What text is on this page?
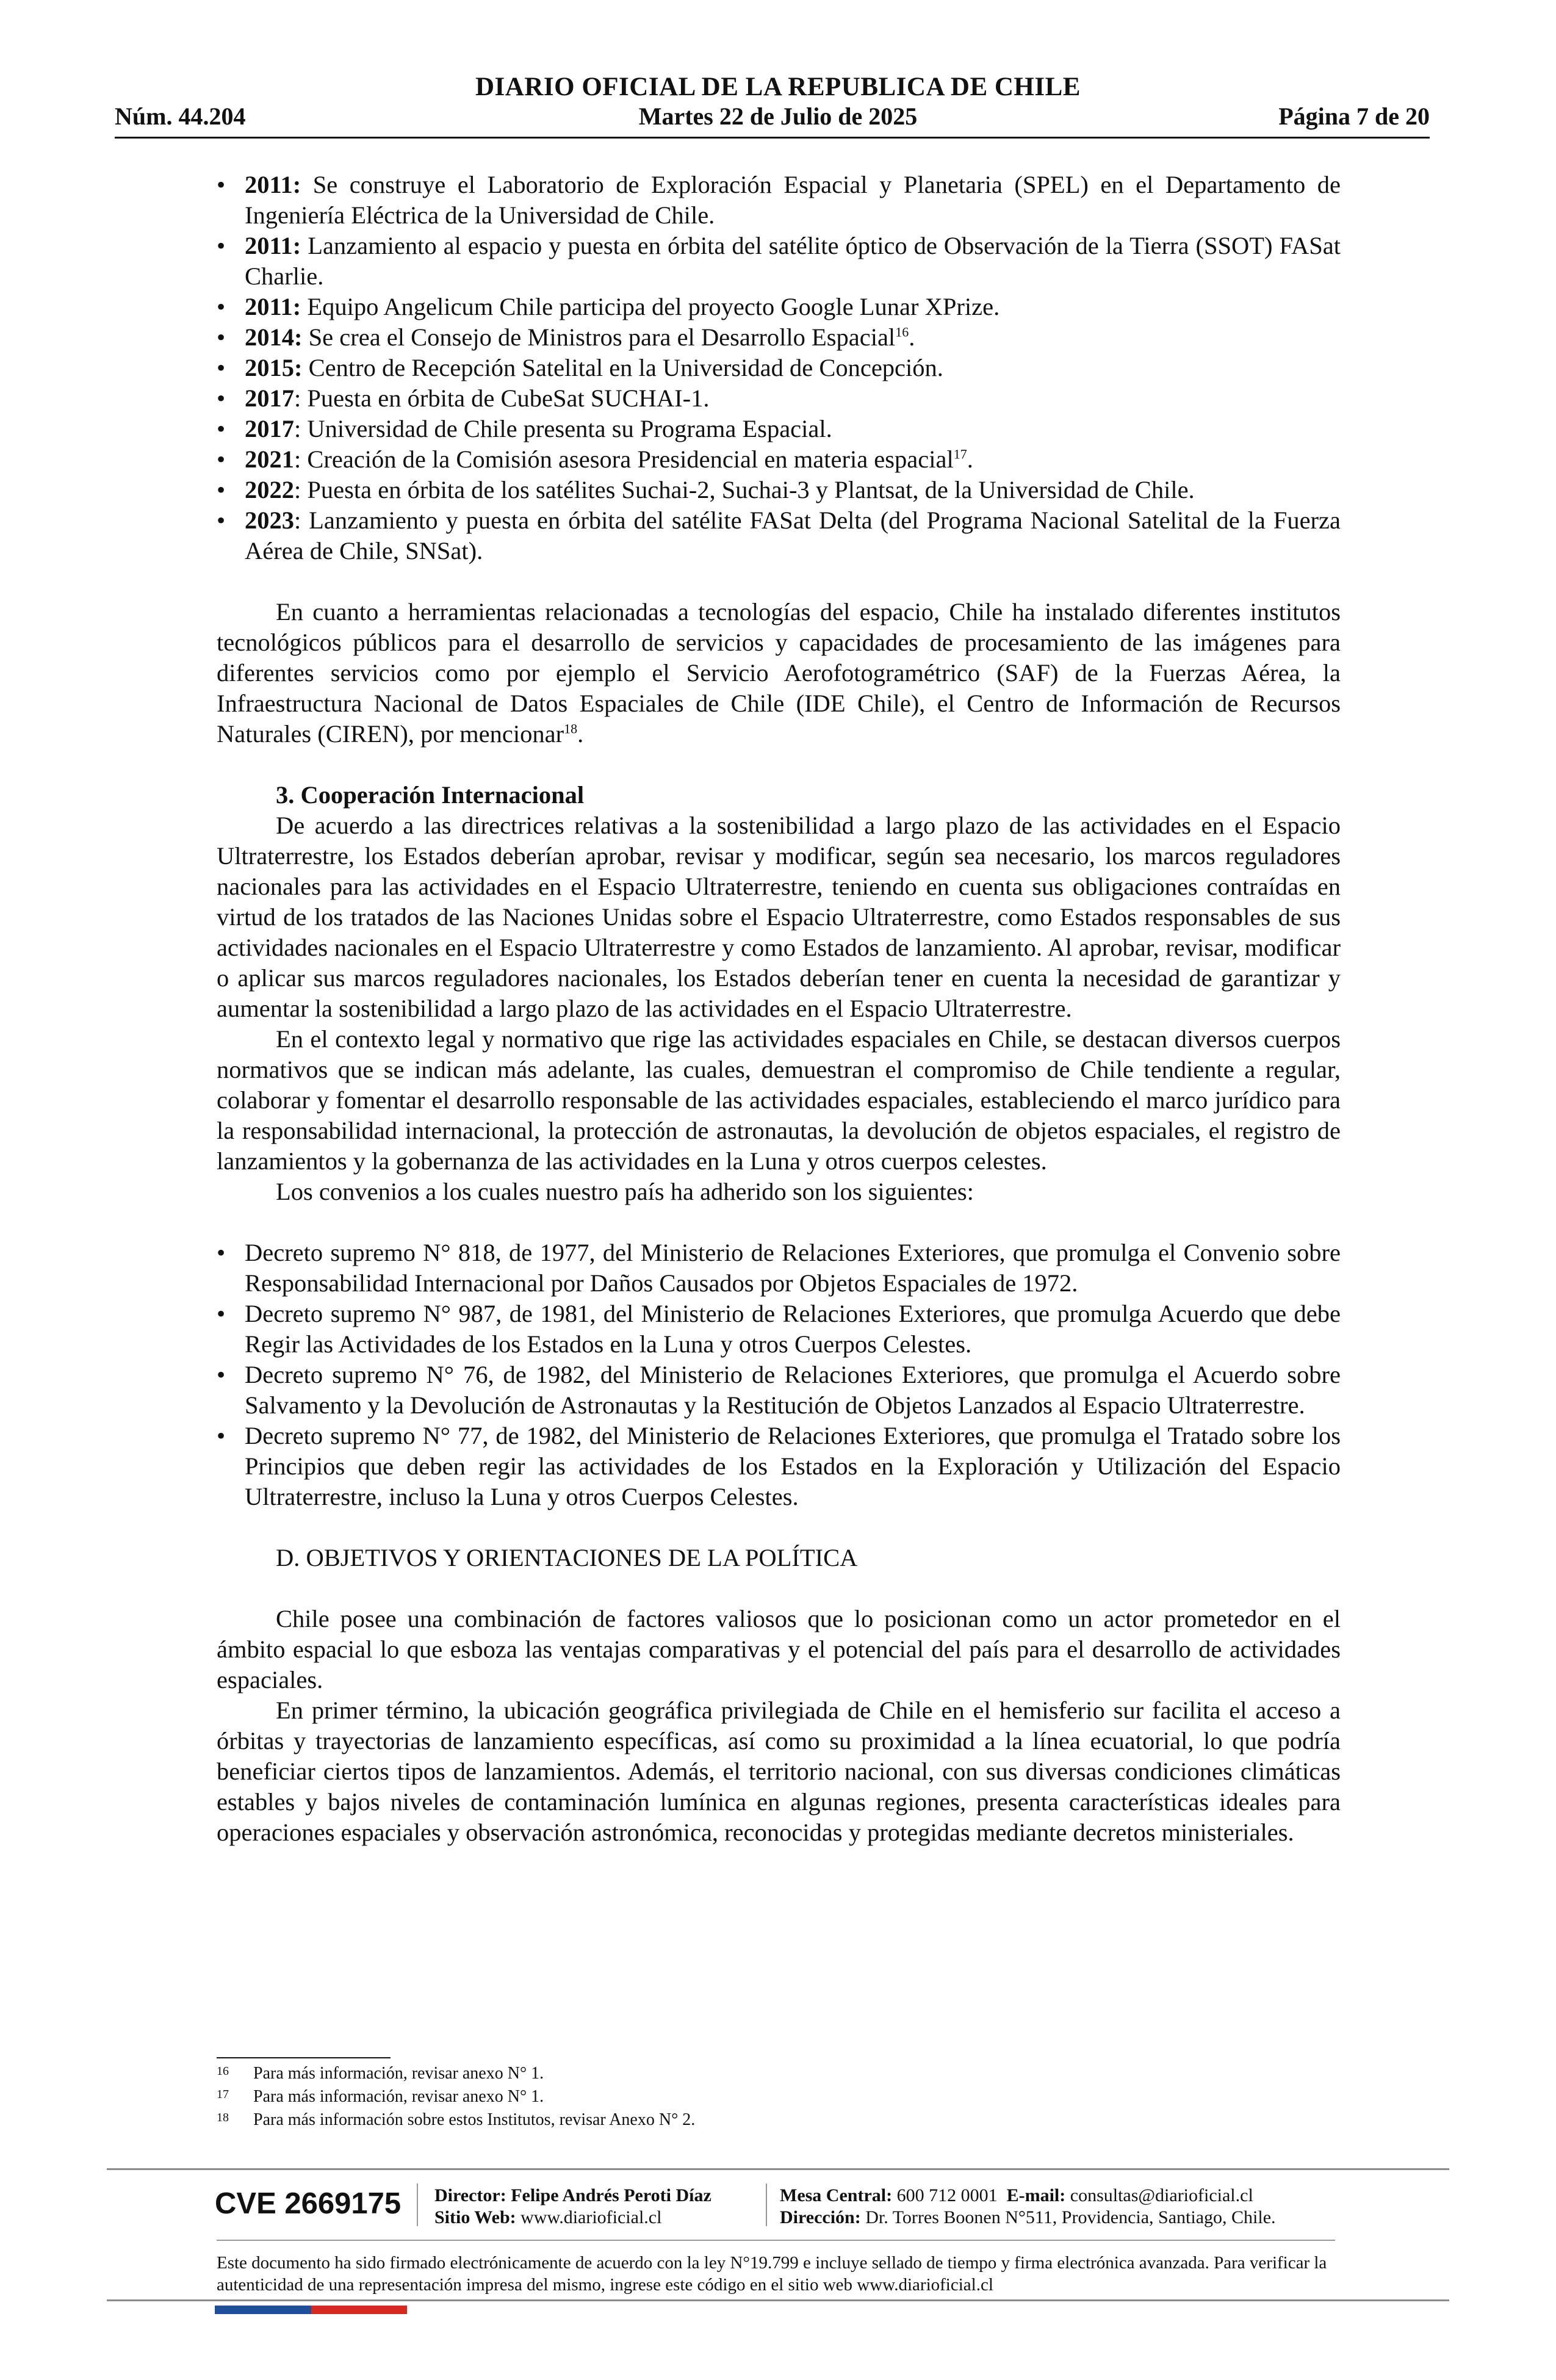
DIARIO OFICIAL DE LA REPUBLICA DE CHILE
Martes 22 de Julio de 2025
Núm. 44.204	Página 7 de 20
• 2011: Se construye el Laboratorio de Exploración Espacial y Planetaria (SPEL) en el Departamento de Ingeniería Eléctrica de la Universidad de Chile.
• 2011: Lanzamiento al espacio y puesta en órbita del satélite óptico de Observación de la Tierra (SSOT) FASat Charlie.
• 2011: Equipo Angelicum Chile participa del proyecto Google Lunar XPrize.
• 2014: Se crea el Consejo de Ministros para el Desarrollo Espacial$^{16}$.
• 2015: Centro de Recepción Satelital en la Universidad de Concepción.
• 2017: Puesta en órbita de CubeSat SUCHAI-1.
• 2017: Universidad de Chile presenta su Programa Espacial.
• 2021: Creación de la Comisión asesora Presidencial en materia espacial$^{17}$.
• 2022: Puesta en órbita de los satélites Suchai-2, Suchai-3 y Plantsat, de la Universidad de Chile.
• 2023: Lanzamiento y puesta en órbita del satélite FASat Delta (del Programa Nacional Satelital de la Fuerza Aérea de Chile, SNSat).

En cuanto a herramientas relacionadas a tecnologías del espacio, Chile ha instalado diferentes institutos tecnológicos públicos para el desarrollo de servicios y capacidades de procesamiento de las imágenes para diferentes servicios como por ejemplo el Servicio Aerofotogramétrico (SAF) de la Fuerzas Aérea, la Infraestructura Nacional de Datos Espaciales de Chile (IDE Chile), el Centro de Información de Recursos Naturales (CIREN), por mencionar$^{18}$.

3. Cooperación Internacional

De acuerdo a las directrices relativas a la sostenibilidad a largo plazo de las actividades en el Espacio Ultraterrestre, los Estados deberían aprobar, revisar y modificar, según sea necesario, los marcos reguladores nacionales para las actividades en el Espacio Ultraterrestre, teniendo en cuenta sus obligaciones contraídas en virtud de los tratados de las Naciones Unidas sobre el Espacio Ultraterrestre, como Estados responsables de sus actividades nacionales en el Espacio Ultraterrestre y como Estados de lanzamiento. Al aprobar, revisar, modificar o aplicar sus marcos reguladores nacionales, los Estados deberían tener en cuenta la necesidad de garantizar y aumentar la sostenibilidad a largo plazo de las actividades en el Espacio Ultraterrestre.

En el contexto legal y normativo que rige las actividades espaciales en Chile, se destacan diversos cuerpos normativos que se indican más adelante, las cuales, demuestran el compromiso de Chile tendiente a regular, colaborar y fomentar el desarrollo responsable de las actividades espaciales, estableciendo el marco jurídico para la responsabilidad internacional, la protección de astronautas, la devolución de objetos espaciales, el registro de lanzamientos y la gobernanza de las actividades en la Luna y otros cuerpos celestes.

Los convenios a los cuales nuestro país ha adherido son los siguientes:

• Decreto supremo N° 818, de 1977, del Ministerio de Relaciones Exteriores, que promulga el Convenio sobre Responsabilidad Internacional por Daños Causados por Objetos Espaciales de 1972.
• Decreto supremo N° 987, de 1981, del Ministerio de Relaciones Exteriores, que promulga Acuerdo que debe Regir las Actividades de los Estados en la Luna y otros Cuerpos Celestes.
• Decreto supremo N° 76, de 1982, del Ministerio de Relaciones Exteriores, que promulga el Acuerdo sobre Salvamento y la Devolución de Astronautas y la Restitución de Objetos Lanzados al Espacio Ultraterrestre.
• Decreto supremo N° 77, de 1982, del Ministerio de Relaciones Exteriores, que promulga el Tratado sobre los Principios que deben regir las actividades de los Estados en la Exploración y Utilización del Espacio Ultraterrestre, incluso la Luna y otros Cuerpos Celestes.
D. OBJETIVOS Y ORIENTACIONES DE LA POLÍTICA

Chile posee una combinación de factores valiosos que lo posicionan como un actor prometedor en el ámbito espacial lo que esboza las ventajas comparativas y el potencial del país para el desarrollo de actividades espaciales.

En primer término, la ubicación geográfica privilegiada de Chile en el hemisferio sur facilita el acceso a órbitas y trayectorias de lanzamiento específicas, así como su proximidad a la línea ecuatorial, lo que podría beneficiar ciertos tipos de lanzamientos. Además, el territorio nacional, con sus diversas condiciones climáticas estables y bajos niveles de contaminación lumínica en algunas regiones, presenta características ideales para operaciones espaciales y observación astronómica, reconocidas y protegidas mediante decretos ministeriales.

16	Para más información, revisar anexo N° 1.
17	Para más información, revisar anexo N° 1.
18	Para más información sobre estos Institutos, revisar Anexo N° 2.
CVE 2669175 Director: Felipe Andrés Peroti Díaz
Sitio Web: www.diarioficial.cl
Mesa Central: 600 712 0001 E-mail: consultas@diarioficial.cl
Dirección: Dr. Torres Boonen N°511, Providencia, Santiago, Chile.
Este documento ha sido firmado electrónicamente de acuerdo con la ley N°19.799 e incluye sellado de tiempo y firma electrónica avanzada. Para verificar la autenticidad de una representación impresa del mismo, ingrese este código en el sitio web www.diarioficial.cl
